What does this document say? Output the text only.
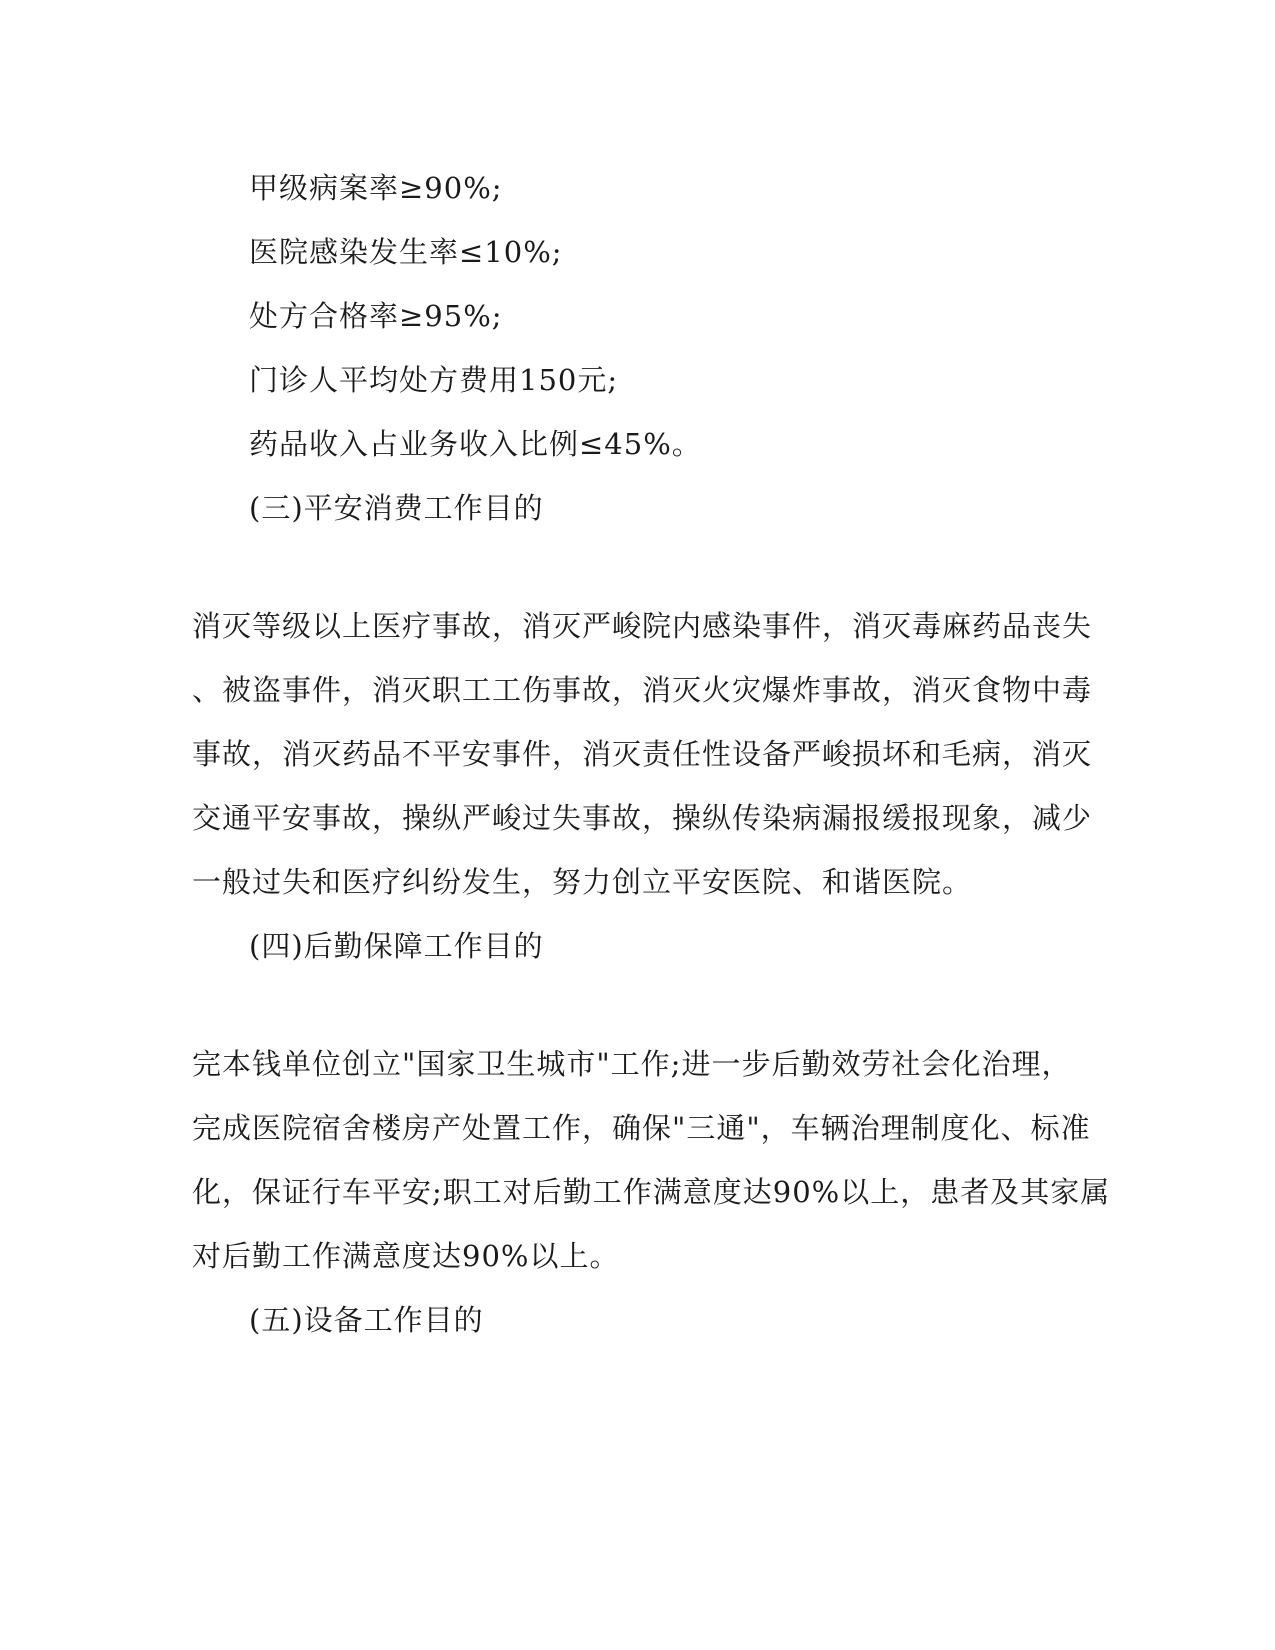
甲级病案率≥90%;
医院感染发生率≤10%;
处方合格率≥95%;
门诊人平均处方费用150元;
药品收入占业务收入比例≤45%。
(三)平安消费工作目的
消灭等级以上医疗事故，消灭严峻院内感染事件，消灭毒麻药品丧失
、被盗事件，消灭职工工伤事故，消灭火灾爆炸事故，消灭食物中毒
事故，消灭药品不平安事件，消灭责任性设备严峻损坏和毛病，消灭
交通平安事故，操纵严峻过失事故，操纵传染病漏报缓报现象，减少
一般过失和医疗纠纷发生，努力创立平安医院、和谐医院。
(四)后勤保障工作目的
完本钱单位创立"国家卫生城市"工作;进一步后勤效劳社会化治理，
完成医院宿舍楼房产处置工作，确保"三通"，车辆治理制度化、标准
化，保证行车平安;职工对后勤工作满意度达90%以上，患者及其家属
对后勤工作满意度达90%以上。
(五)设备工作目的
